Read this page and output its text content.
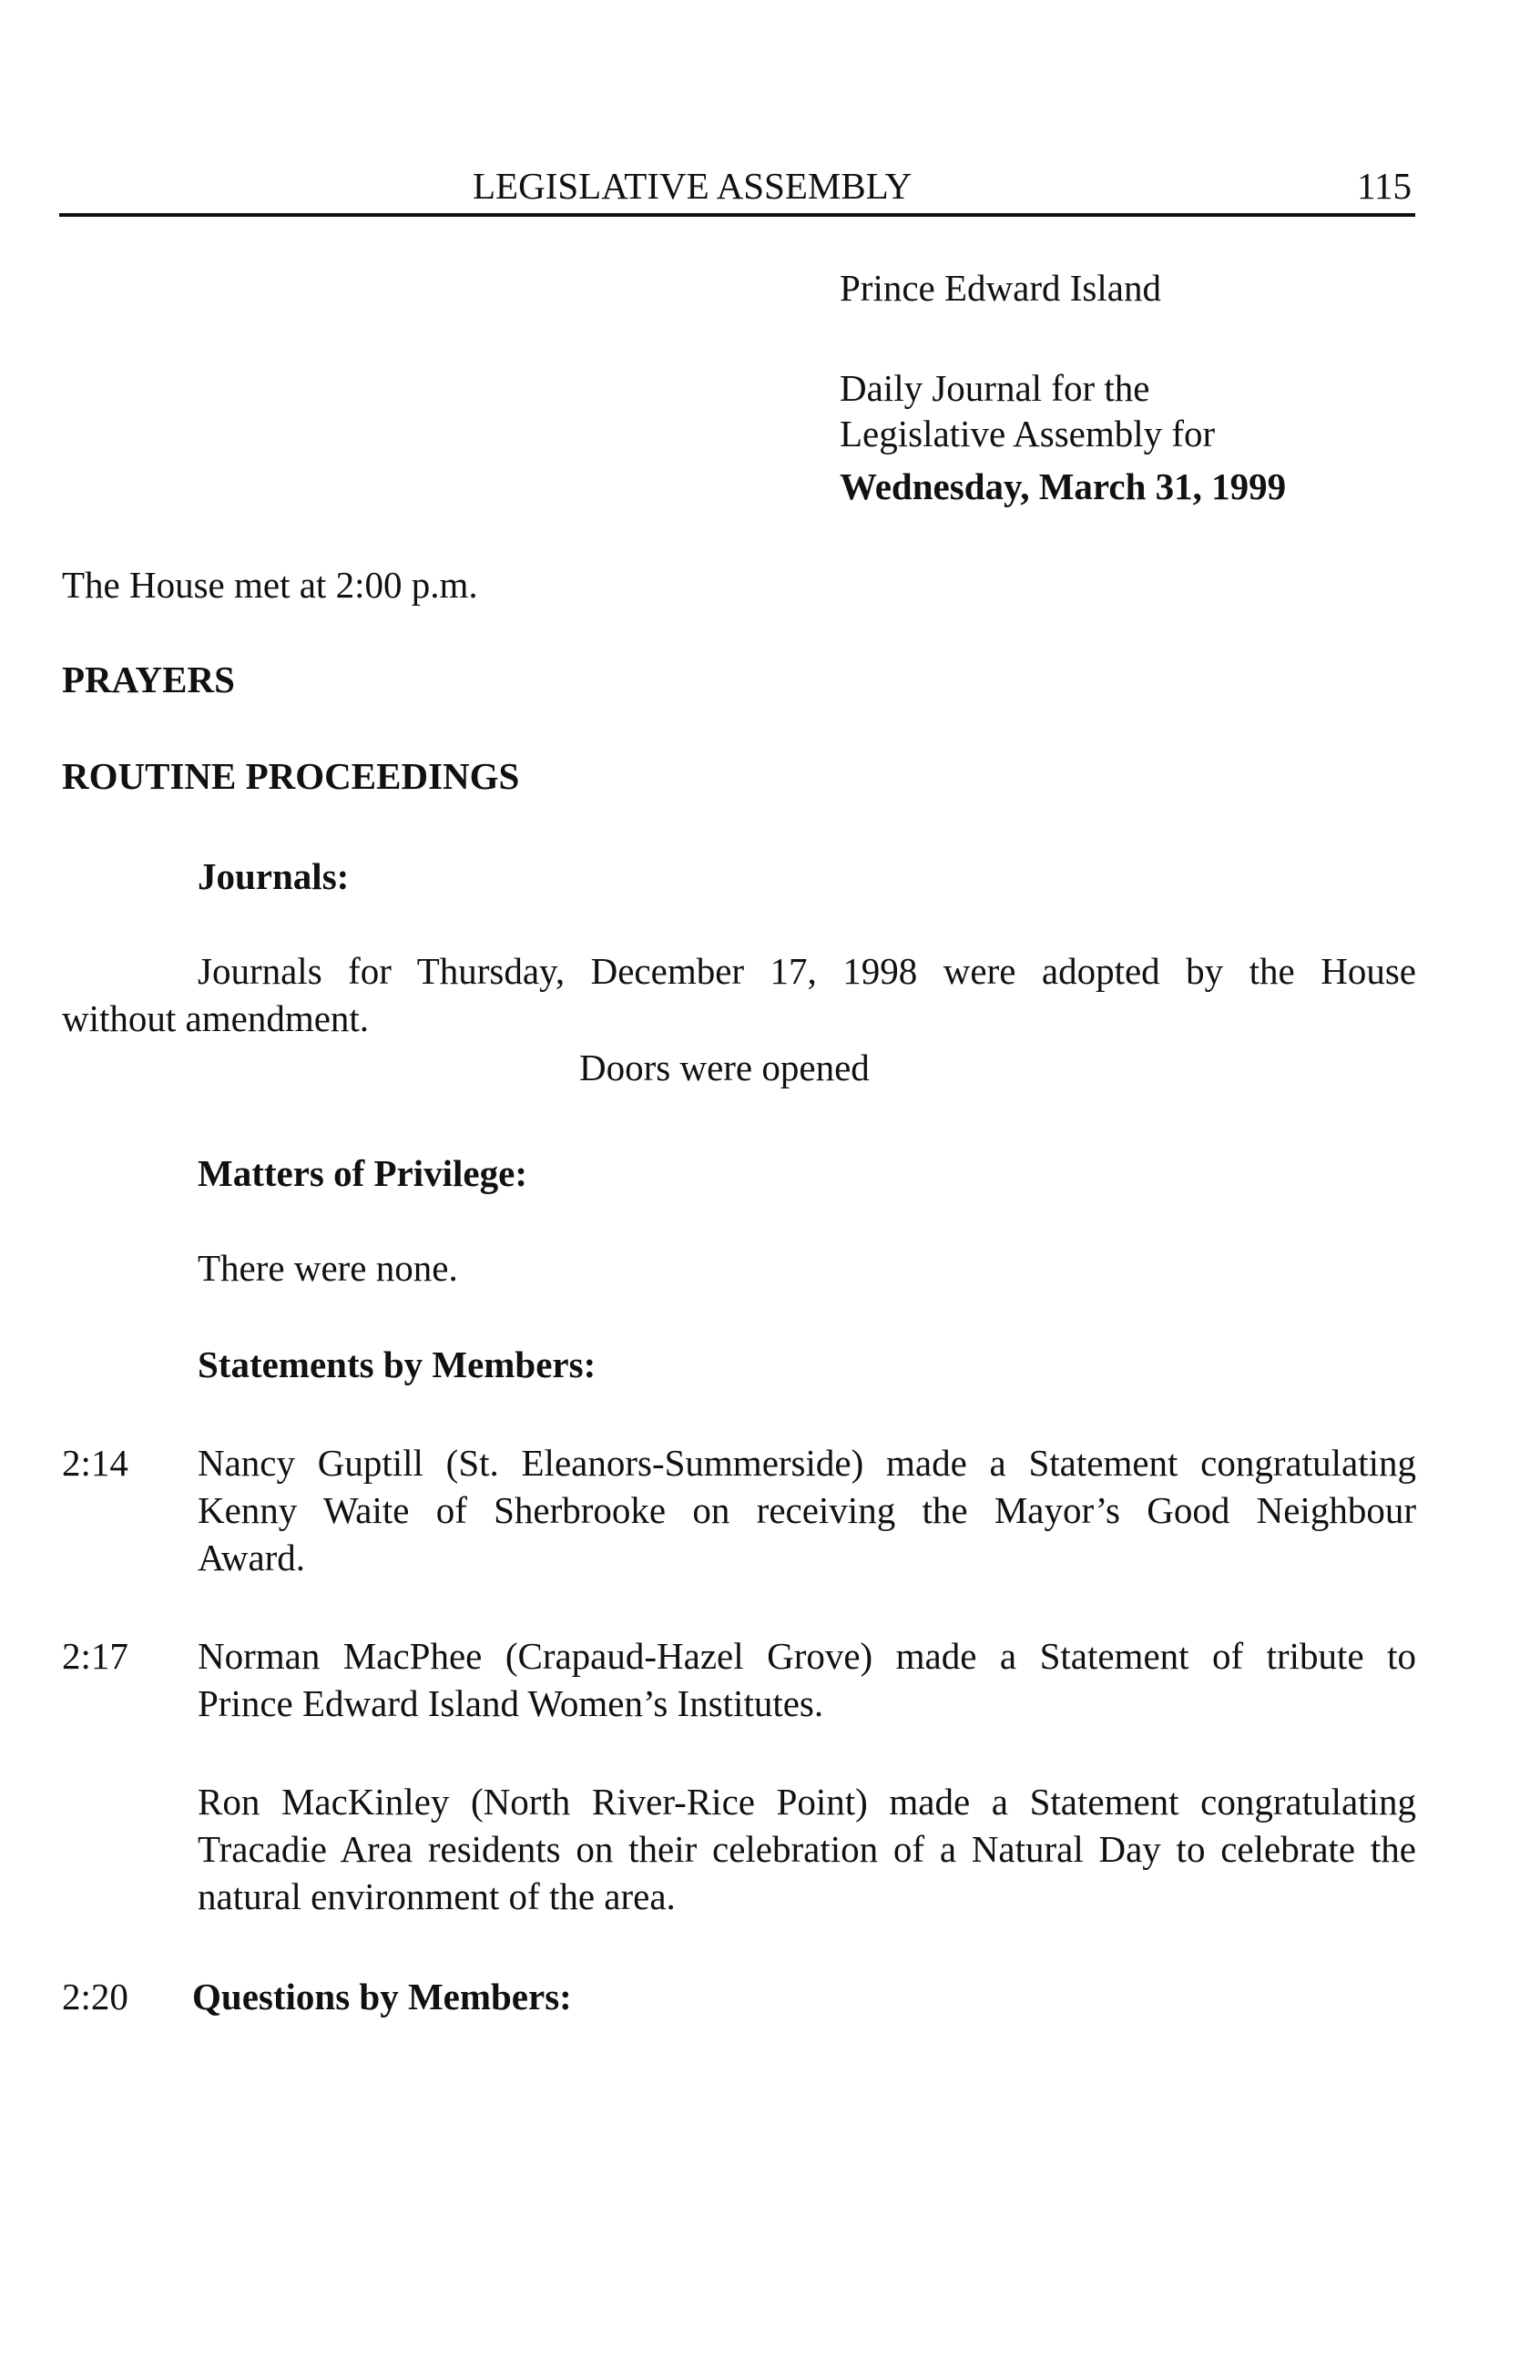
LEGISLATIVE ASSEMBLY	115
Prince Edward Island
Daily Journal for the
Legislative Assembly for
Wednesday, March 31, 1999
The House met at 2:00 p.m.
PRAYERS
ROUTINE PROCEEDINGS
Journals:
Journals for Thursday, December 17, 1998 were adopted by the House
without amendment.
Doors were opened
Matters of Privilege:
There were none.
Statements by Members:
2:14 Nancy Guptill (St. Eleanors-Summerside) made a Statement congratulating
Kenny Waite of Sherbrooke on receiving the Mayor’s Good Neighbour
Award.
2:17 Norman MacPhee (Crapaud-Hazel Grove) made a Statement of tribute to
Prince Edward Island Women’s Institutes.
Ron MacKinley (North River-Rice Point) made a Statement congratulating
Tracadie Area residents on their celebration of a Natural Day to celebrate the
natural environment of the area.
2:20 Questions by Members:
